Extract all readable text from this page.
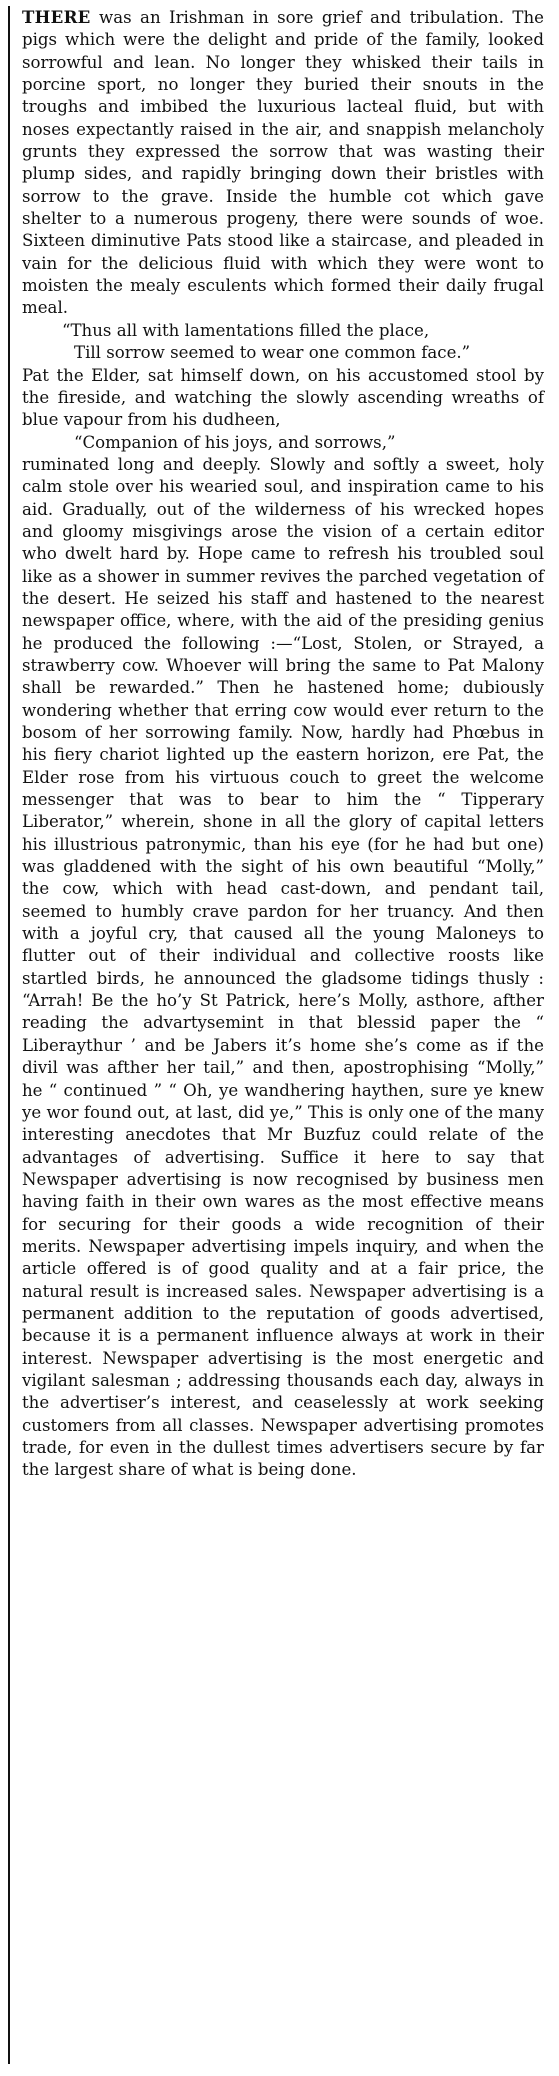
THERE was an Irishman in sore grief and tribulation. The pigs which were the delight and pride of the family, looked sorrowful and lean. No longer they whisked their tails in porcine sport, no longer they buried their snouts in the troughs and imbibed the luxurious lacteal fluid, but with noses expectantly raised in the air, and snappish melancholy grunts they expressed the sorrow that was wasting their plump sides, and rapidly bringing down their bristles with sorrow to the grave. Inside the humble cot which gave shelter to a numerous progeny, there were sounds of woe. Sixteen diminutive Pats stood like a staircase, and pleaded in vain for the delicious fluid with which they were wont to moisten the mealy esculents which formed their daily frugal meal.

“Thus all with lamentations filled the place,

Till sorrow seemed to wear one common face.”

Pat the Elder, sat himself down, on his accustomed stool by the fireside, and watching the slowly ascending wreaths of blue vapour from his dudheen,

“Companion of his joys, and sorrows,”

ruminated long and deeply. Slowly and softly a sweet, holy calm stole over his wearied soul, and inspiration came to his aid. Gradually, out of the wilderness of his wrecked hopes and gloomy misgivings arose the vision of a certain editor who dwelt hard by. Hope came to refresh his troubled soul like as a shower in summer revives the parched vegetation of the desert. He seized his staff and hastened to the nearest newspaper office, where, with the aid of the presiding genius he produced the following :—“Lost, Stolen, or Strayed, a strawberry cow. Whoever will bring the same to Pat Malony shall be rewarded.” Then he hastened home; dubiously wondering whether that erring cow would ever return to the bosom of her sorrowing family. Now, hardly had Phœbus in his fiery chariot lighted up the eastern horizon, ere Pat, the Elder rose from his virtuous couch to greet the welcome messenger that was to bear to him the “ Tipperary Liberator,” wherein, shone in all the glory of capital letters his illustrious patronymic, than his eye (for he had but one) was gladdened with the sight of his own beautiful “Molly,” the cow, which with head cast-down, and pendant tail, seemed to humbly crave pardon for her truancy. And then with a joyful cry, that caused all the young Maloneys to flutter out of their individual and collective roosts like startled birds, he announced the gladsome tidings thusly : “Arrah! Be the ho’y St Patrick, here’s Molly, asthore, afther reading the advartysemint in that blessid paper the “ Liberaythur ’ and be Jabers it’s home she’s come as if the divil was afther her tail,” and then, apostrophising “Molly,” he “ continued ” “ Oh, ye wandhering haythen, sure ye knew ye wor found out, at last, did ye,” This is only one of the many interesting anecdotes that Mr Buzfuz could relate of the advantages of advertising. Suffice it here to say that Newspaper advertising is now recognised by business men having faith in their own wares as the most effective means for securing for their goods a wide recognition of their merits. Newspaper advertising impels inquiry, and when the article offered is of good quality and at a fair price, the natural result is increased sales. Newspaper advertising is a permanent addition to the reputation of goods advertised, because it is a permanent influence always at work in their interest. Newspaper advertising is the most energetic and vigilant salesman ; addressing thousands each day, always in the advertiser’s interest, and ceaselessly at work seeking customers from all classes. Newspaper advertising promotes trade, for even in the dullest times advertisers secure by far the largest share of what is being done.
